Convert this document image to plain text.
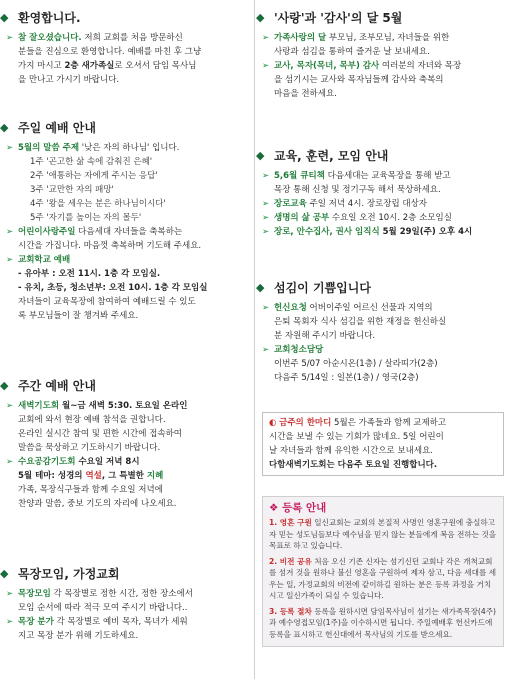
◆ 환영합니다.
➢ 참 잘오셨습니다. 저희 교회를 처음 방문하신
분들을 진심으로 환영합니다. 예배를 마친 후 그냥
가지 마시고 2층 새가족실로 오셔서 담임 목사님
을 만나고 가시기 바랍니다.
◆ 주일 예배 안내
➢ 5월의 말씀 주제 '낮은 자의 하나님' 입니다.
1주 '곤고한 삶 속에 감춰진 은혜'
2주 '애통하는 자에게 주시는 응답'
3주 '교만한 자의 패망'
4주 '왕을 세우는 분은 하나님이시다'
5주 '자기를 높이는 자의 몰두'
➢ 어린이사랑주일 다음세대 자녀들을 축복하는
시간을 가집니다. 마음껏 축복하며 기도해 주세요.
➢ 교회학교 예배
- 유아부 : 오전 11시. 1층 각 모임실.
- 유치, 초등, 청소년부: 오전 10시. 1층 각 모임실
자녀들이 교육목장에 참여하여 예배드릴 수 있도
록 부모님들이 잘 챙겨봐 주세요.
◆ 주간 예배 안내
➢ 새벽기도회 월~금 새벽 5:30. 토요일 온라인
교회에 와서 현장 예배 참석을 권합니다.
온라인 실시간 참여 및 편한 시간에 접속하여
말씀을 묵상하고 기도하시기 바랍니다.
➢ 수요공감기도회 수요일 저녁 8시
5월 테마: 성경의 역설, 그 특별한 지혜
가족, 목장식구들과 함께 수요일 저녁에
찬양과 말씀, 중보 기도의 자리에 나오세요.
◆ 목장모임, 가정교회
➢ 목장모임 각 목장별로 정한 시간, 정한 장소에서
모임 순서에 따라 적극 모여 주시기 바랍니다..
➢ 목장 분가 각 목장별로 예비 목자, 목녀가 세워
지고 목장 분가 위해 기도하세요.
◆ '사랑'과 '감사'의 달 5월
➢ 가족사랑의 달 부모님, 조부모님, 자녀들을 위한
사랑과 섬김을 통하여 즐거운 날 보내세요.
➢ 교사, 목자(목녀, 목부) 감사 여러분의 자녀와 목장
을 섬기시는 교사와 목자님들께 감사와 축복의
마음을 전하세요.
◆ 교육, 훈련, 모임 안내
➢ 5,6월 큐티책 다음세대는 교육목장을 통해 받고
목장 통해 신청 및 정기구독 해서 묵상하세요.
➢ 장로교육 주일 저녁 4시. 장로장립 대상자
➢ 생명의 삶 공부 수요일 오전 10시. 2층 소모임실
➢ 장로, 안수집사, 권사 임직식 5월 29일(주) 오후 4시
◆ 섬김이 기쁨입니다
➢ 헌신요청 어버이주일 어르신 선물과 지역의
은퇴 목회자 식사 섬김을 위한 재정을 헌신하실
분 자원해 주시기 바랍니다.
➢ 교회청소담당
이번주 5/07 아순시온(1층) / 살라띠가(2층)
다음주 5/14일 : 일본(1층) / 영국(2층)
◐ 금주의 한마디 5월은 가족들과 함께 교제하고
시간을 보낼 수 있는 기회가 많네요. 5일 어린이
날 자녀들과 함께 유익한 시간으로 보내세요.
다함새벽기도회는 다음주 토요일 진행합니다.
❖ 등록 안내
1. 영혼 구원 일신교회는 교회의 본질적 사명인 영혼구원에 충실하고자 믿는 성도님들보다 예수님을 믿지 않는 분들에게 복음 전하는 것을 목표로 하고 있습니다.
2. 비전 공유 처음 오신 기존 신자는 섬기신던 교회나 각은 개척교회를 섬겨 것을 원하나 불신 영혼을 구원하여 제자 삼고, 다음 세대를 세우는 일, 가정교회의 비전에 같이하길 원하는 분은 등록 과정을 거치시고 일신가족이 되실 수 있습니다.
3. 등록 절차 등록을 원하시면 담임목사님이 섬기는 새가족목장(4주)과 예수영접모임(1주)을 이수하시면 됩니다. 주일예배후 헌신카드에 등록을 표시하고 헌신대에서 목사님의 기도를 받으세요.
